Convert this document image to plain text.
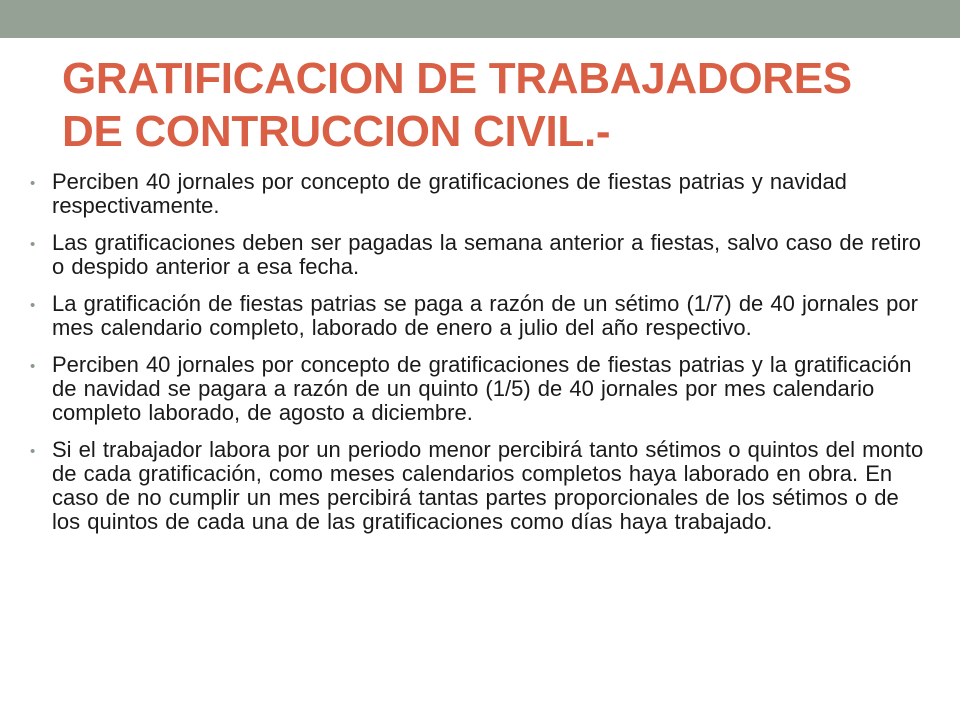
GRATIFICACION DE TRABAJADORES
DE CONTRUCCION CIVIL.-
• Perciben 40 jornales por concepto de gratificaciones de fiestas patrias y navidad respectivamente.
• Las gratificaciones deben ser pagadas la semana anterior a fiestas, salvo caso de retiro o despido anterior a esa fecha.
• La gratificación de fiestas patrias se paga a razón de un sétimo (1/7) de 40 jornales por mes calendario completo, laborado de enero a julio del año respectivo.
• Perciben 40 jornales por concepto de gratificaciones de fiestas patrias y la gratificación de navidad se pagara a razón de un quinto (1/5) de 40 jornales por mes calendario completo laborado, de agosto a diciembre.
• Si el trabajador labora por un periodo menor percibirá tanto sétimos o quintos del monto de cada gratificación, como meses calendarios completos haya laborado en obra. En caso de no cumplir un mes percibirá tantas partes proporcionales de los sétimos o de los quintos de cada una de las gratificaciones como días haya trabajado.
